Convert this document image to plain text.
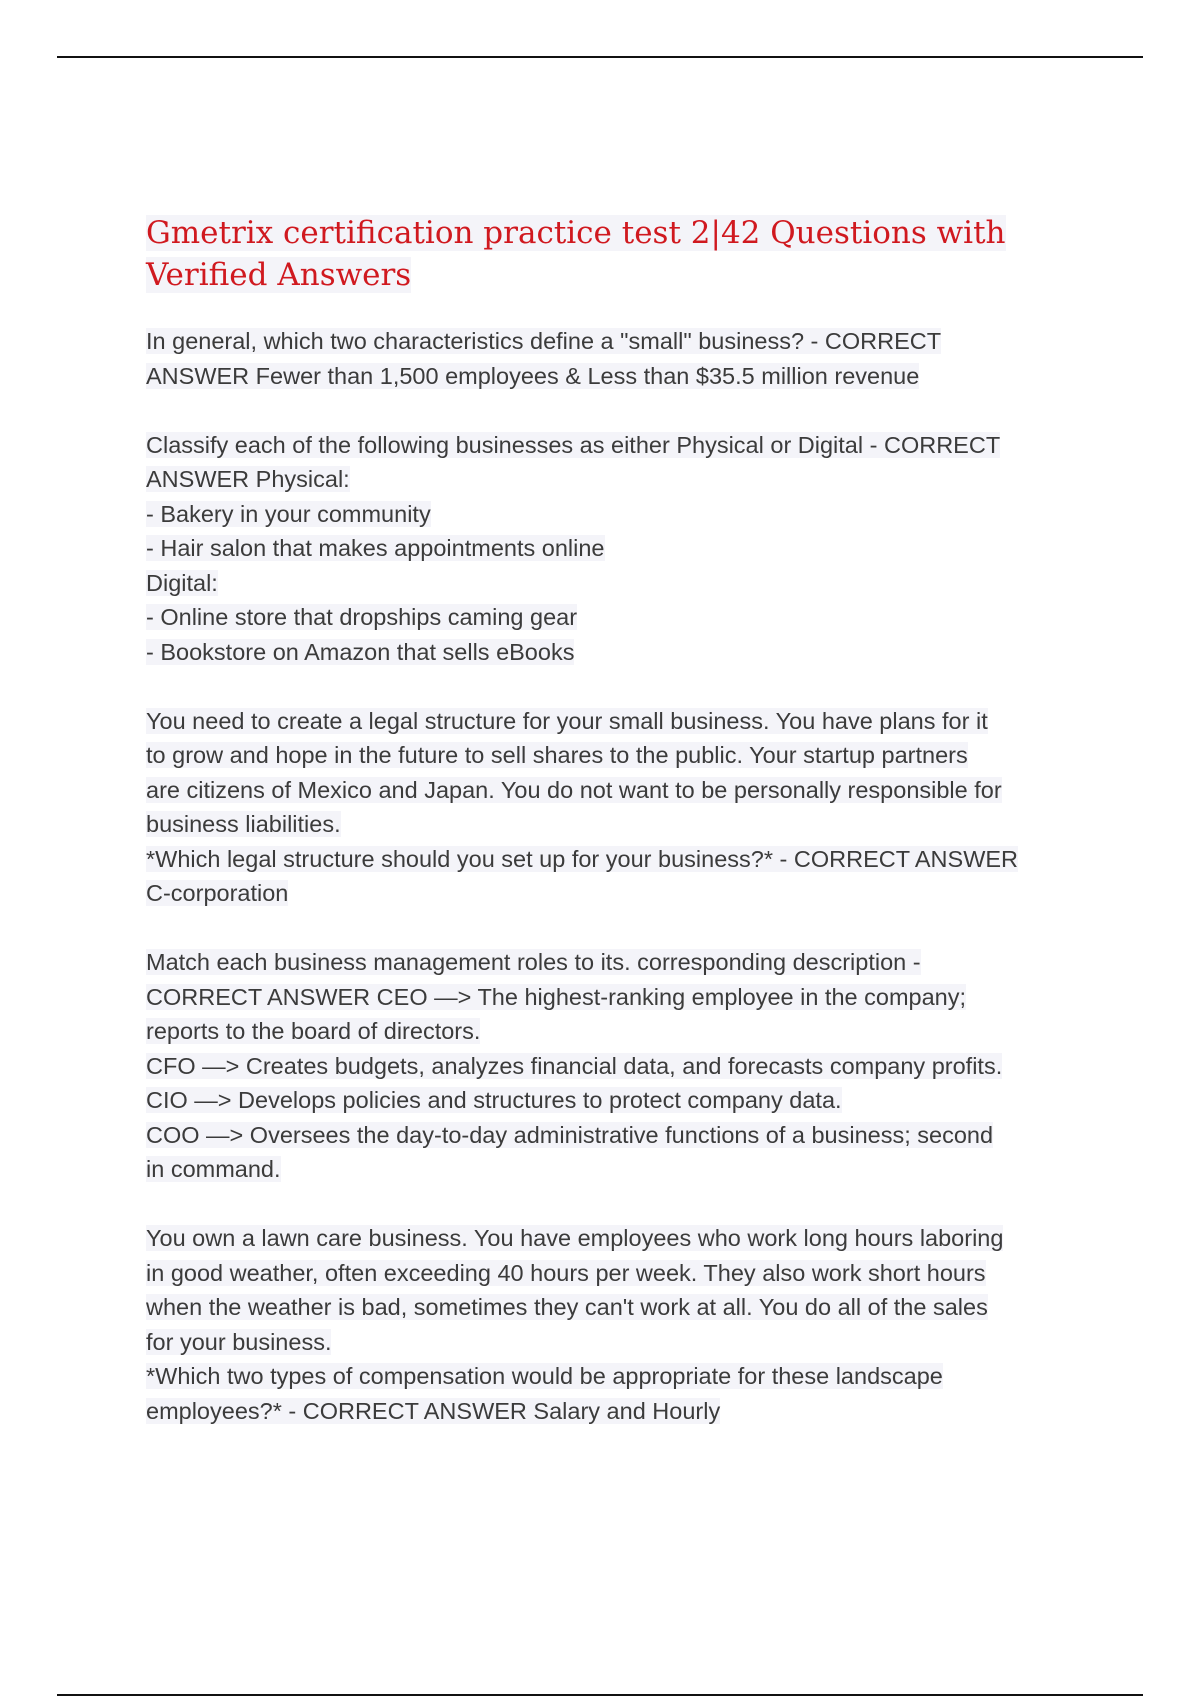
Gmetrix certification practice test 2|42 Questions with
Verified Answers
In general, which two characteristics define a "small" business? - CORRECT
ANSWER Fewer than 1,500 employees & Less than $35.5 million revenue
Classify each of the following businesses as either Physical or Digital - CORRECT
ANSWER Physical:
- Bakery in your community
- Hair salon that makes appointments online
Digital:
- Online store that dropships caming gear
- Bookstore on Amazon that sells eBooks
You need to create a legal structure for your small business. You have plans for it
to grow and hope in the future to sell shares to the public. Your startup partners
are citizens of Mexico and Japan. You do not want to be personally responsible for
business liabilities.
*Which legal structure should you set up for your business?* - CORRECT ANSWER
C-corporation
Match each business management roles to its. corresponding description -
CORRECT ANSWER CEO —> The highest-ranking employee in the company;
reports to the board of directors.
CFO —> Creates budgets, analyzes financial data, and forecasts company profits.
CIO —> Develops policies and structures to protect company data.
COO —> Oversees the day-to-day administrative functions of a business; second
in command.
You own a lawn care business. You have employees who work long hours laboring
in good weather, often exceeding 40 hours per week. They also work short hours
when the weather is bad, sometimes they can't work at all. You do all of the sales
for your business.
*Which two types of compensation would be appropriate for these landscape
employees?* - CORRECT ANSWER Salary and Hourly
